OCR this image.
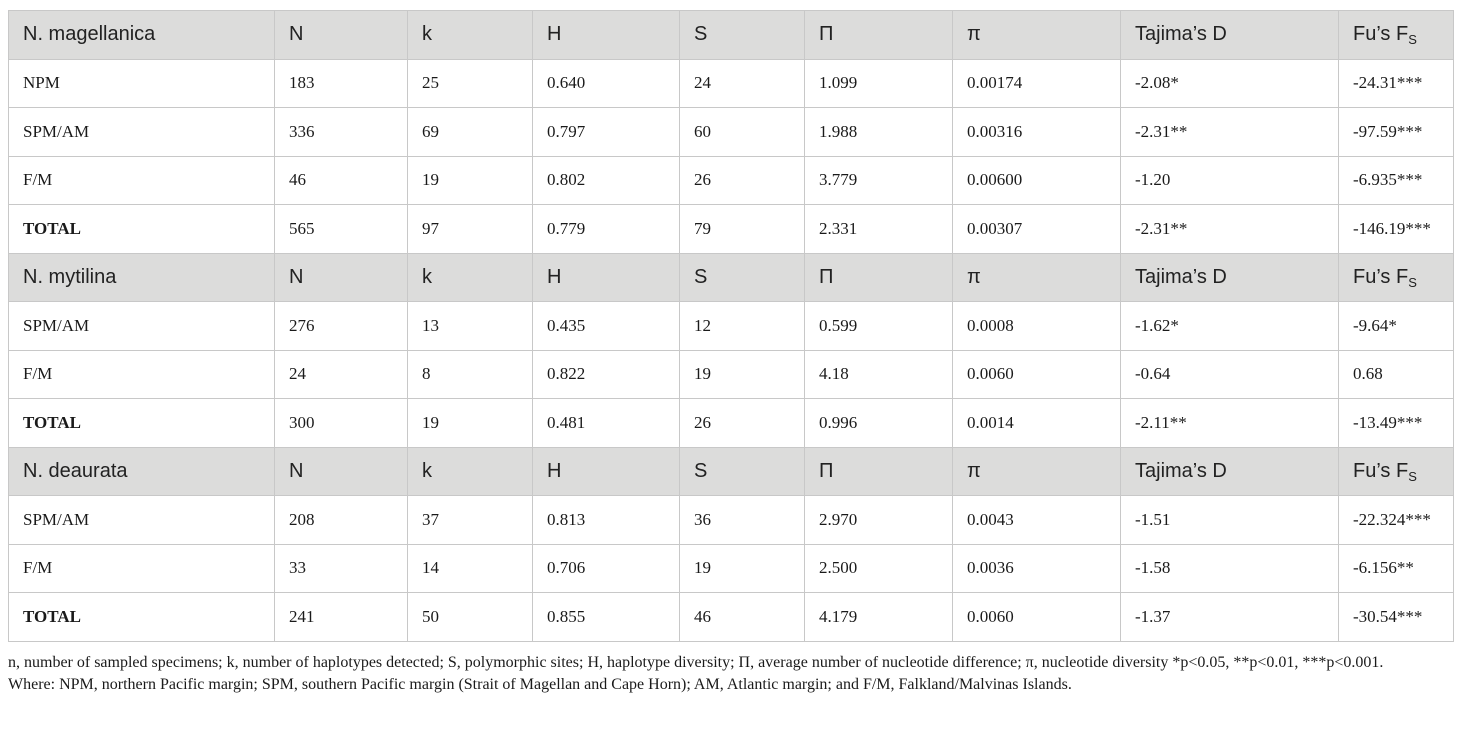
N. magellanica	N	k	H	S	Π	π	Tajima’s D	Fu’s $F_S$
NPM	183	25	0.640	24	1.099	0.00174	-2.08*	-24.31***
SPM/AM	336	69	0.797	60	1.988	0.00316	-2.31**	-97.59***
F/M	46	19	0.802	26	3.779	0.00600	-1.20	-6.935***
TOTAL	565	97	0.779	79	2.331	0.00307	-2.31**	-146.19***
N. mytilina	N	k	H	S	Π	π	Tajima’s D	Fu’s $F_S$
SPM/AM	276	13	0.435	12	0.599	0.0008	-1.62*	-9.64*
F/M	24	8	0.822	19	4.18	0.0060	-0.64	0.68
TOTAL	300	19	0.481	26	0.996	0.0014	-2.11**	-13.49***
N. deaurata	N	k	H	S	Π	π	Tajima’s D	Fu’s $F_S$
SPM/AM	208	37	0.813	36	2.970	0.0043	-1.51	-22.324***
F/M	33	14	0.706	19	2.500	0.0036	-1.58	-6.156**
TOTAL	241	50	0.855	46	4.179	0.0060	-1.37	-30.54***

n, number of sampled specimens; k, number of haplotypes detected; S, polymorphic sites; H, haplotype diversity; Π, average number of nucleotide difference; π, nucleotide diversity *p<0.05, **p<0.01, ***p<0.001.

Where: NPM, northern Pacific margin; SPM, southern Pacific margin (Strait of Magellan and Cape Horn); AM, Atlantic margin; and F/M, Falkland/Malvinas Islands.
